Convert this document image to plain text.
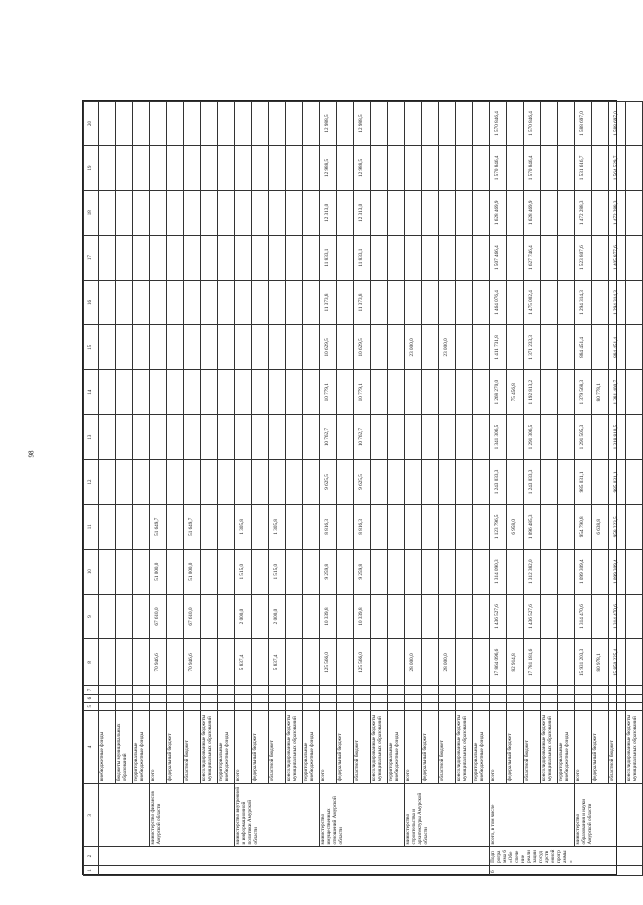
98
1	2	3	4	5	6	7	8	9	10	11	12	13	14	15	16	17	18	19	20
			внебюджетные фонды																
			бюджеты муниципальных образований																
			территориальные внебюджетные фонды																
		министерство финансов Амурской области	всего				70 946,6	67 610,0	51 000,0	51 649,7									
			федеральный бюджет																
			областной бюджет				70 946,6	67 610,0	51 000,0	51 649,7									
			консолидированные бюджеты муниципальных образований																
			территориальные внебюджетные фонды																
		министерство внутренней и информационной политики Амурской области	всего				5 837,4	2 000,0	1 515,0	1 305,8									
			федеральный бюджет																
			областной бюджет				5 837,4	2 000,0	1 515,0	1 305,8									
			консолидированные бюджеты муниципальных образований																
			территориальные внебюджетные фонды																
		министерство имущественных отношений Амурской области	всего				125 566,0	10 339,8	9 259,8	8 816,3	9 625,5	10 762,7	10 779,1	10 629,5	11 373,8	11 833,1	12 313,0	12 988,5	12 988,5
			федеральный бюджет																
			областной бюджет				125 566,0	10 339,8	9 259,8	8 816,3	9 625,5	10 762,7	10 779,1	10 629,5	11 373,8	11 833,1	12 313,0	12 988,5	12 988,5
			консолидированные бюджеты муниципальных образований																
			территориальные внебюджетные фонды																
		министерство строительства и архитектуры Амурской области	всего				28 000,0							23 000,0					
			федеральный бюджет																
			областной бюджет				28 000,0							23 000,0					
			консолидированные бюджеты муниципальных образований																
			территориальные внебюджетные фонды																
6	Подпрограмма 6 «Обеспечение реализации государственной программы»	всего, в том числе	всего				17 864 096,6	1 436 527,6	1 314 090,3	1 123 796,5	1 243 033,3	1 341 306,5	1 268 270,0	1 411 731,8	1 464 076,4	1 507 466,4	1 628 469,9	1 570 846,4	1 570 846,4
			федеральный бюджет				82 914,8			6 958,0			75 456,8						
			областной бюджет				17 781 181,6	1 436 527,6	1 312 382,0	1 096 485,3	1 243 033,3	1 291 306,5	1 192 813,2	1 371 233,3	1 475 002,4	1 627 746,4	1 628 469,9	1 570 846,4	1 570 846,4
			консолидированные бюджеты муниципальных образований																
			территориальные внебюджетные фонды																
		министерство образования и науки Амурской области	всего				15 931 203,3	1 314 470,6	1 099 309,4	954 790,8	985 031,1	1 291 505,3	1 379 568,3	884 451,4	1 294 314,3	1 523 807,6	1 472 288,3	1 531 616,7	1 588 697,0
			федеральный бюджет				80 978,1			6 638,8			80 778,1						
			областной бюджет				15 850 225,4	1 314 470,6	1 099 309,4	958 223,5	985 031,1	1 318 810,5	1 381 400,7	884 451,4	1 294 314,3	1 405 877,6	1 472 288,3	1 564 529,7	1 588 697,0
			консолидированные бюджеты муниципальных образований																
